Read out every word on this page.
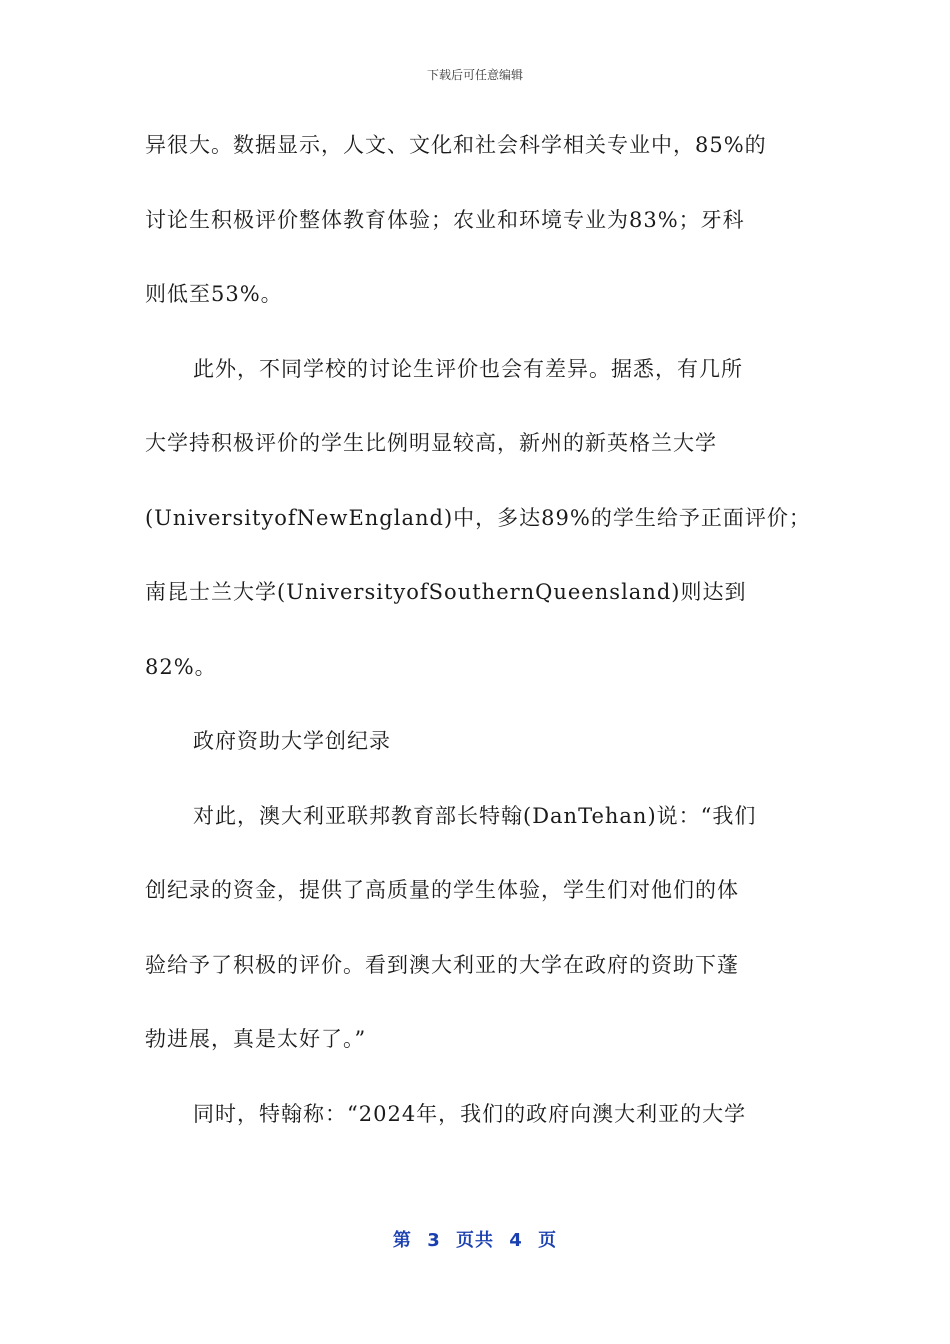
下载后可任意编辑
异很大。数据显示，人文、文化和社会科学相关专业中，85%的
讨论生积极评价整体教育体验；农业和环境专业为83%；牙科
则低至53%。
此外，不同学校的讨论生评价也会有差异。据悉，有几所
大学持积极评价的学生比例明显较高，新州的新英格兰大学
(UniversityofNewEngland)中，多达89%的学生给予正面评价；
南昆士兰大学(UniversityofSouthernQueensland)则达到
82%。
政府资助大学创纪录
对此，澳大利亚联邦教育部长特翰(DanTehan)说：“我们
创纪录的资金，提供了高质量的学生体验，学生们对他们的体
验给予了积极的评价。看到澳大利亚的大学在政府的资助下蓬
勃进展，真是太好了。”
同时，特翰称：“2024年，我们的政府向澳大利亚的大学
第 3 页共 4 页
